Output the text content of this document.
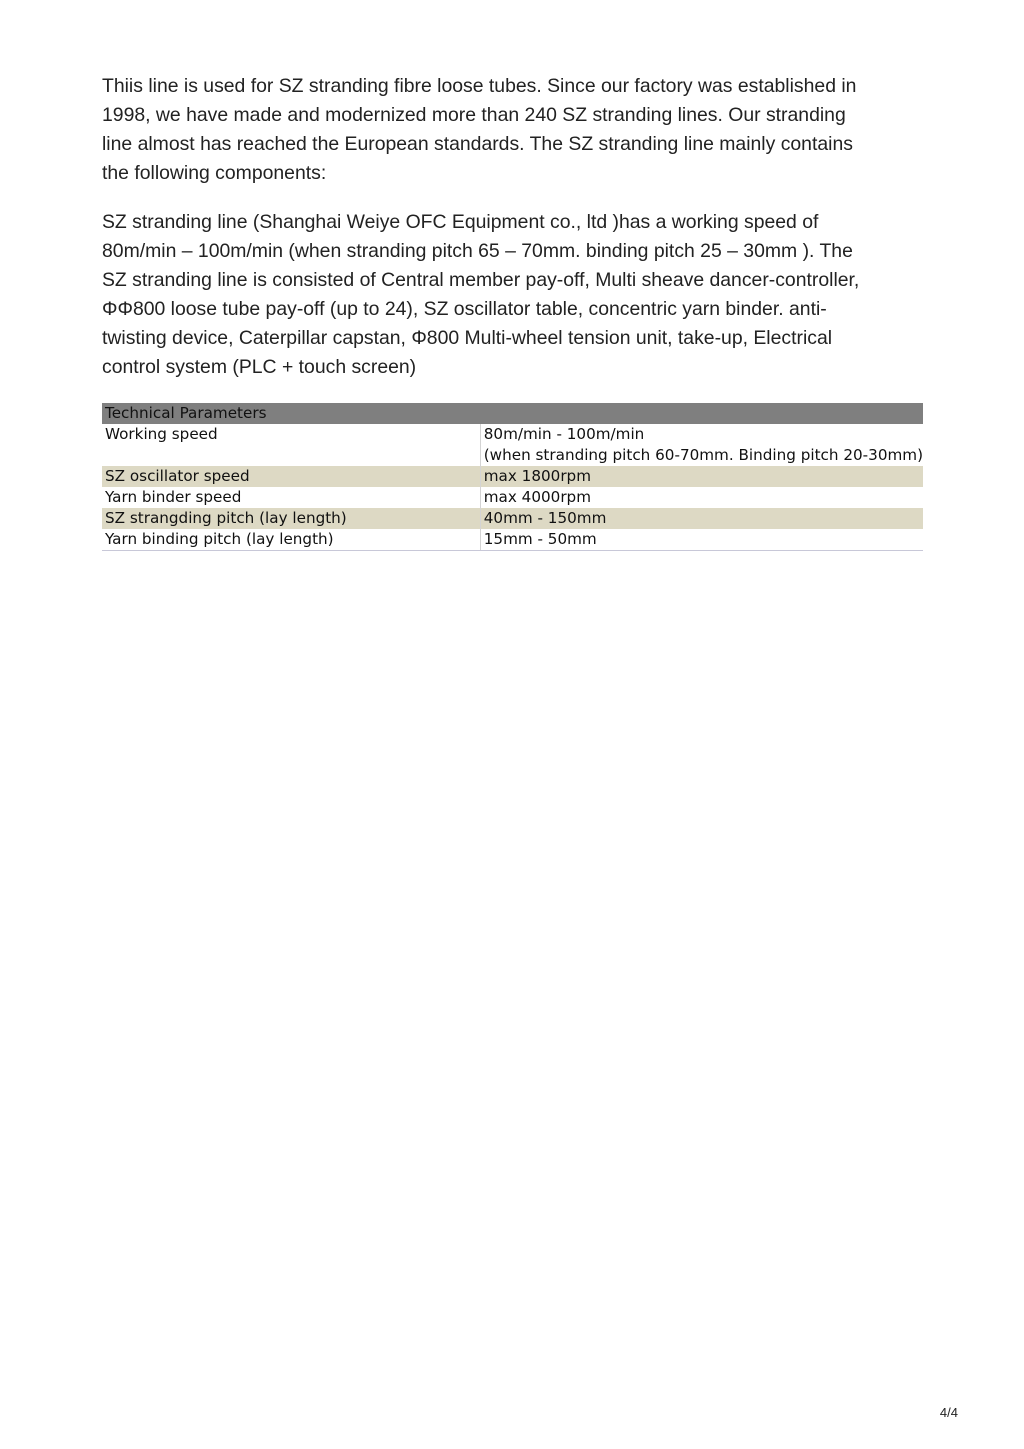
Thiis line is used for SZ stranding fibre loose tubes. Since our factory was established in
1998, we have made and modernized more than 240 SZ stranding lines. Our stranding
line almost has reached the European standards. The SZ stranding line mainly contains
the following components:

SZ stranding line (Shanghai Weiye OFC Equipment co., ltd )has a working speed of
80m/min – 100m/min (when stranding pitch 65 – 70mm. binding pitch 25 – 30mm ). The
SZ stranding line is consisted of Central member pay-off, Multi sheave dancer-controller,
ΦΦ800 loose tube pay-off (up to 24), SZ oscillator table, concentric yarn binder. anti-
twisting device, Caterpillar capstan, Φ800 Multi-wheel tension unit, take-up, Electrical
control system (PLC + touch screen)

Technical Parameters	
Working speed	80m/min - 100m/min
(when stranding pitch 60-70mm. Binding pitch 20-30mm)

SZ oscillator speed	max 1800rpm
Yarn binder speed	max 4000rpm
SZ strangding pitch (lay length)	40mm - 150mm
Yarn binding pitch (lay length)	15mm - 50mm
4/4
